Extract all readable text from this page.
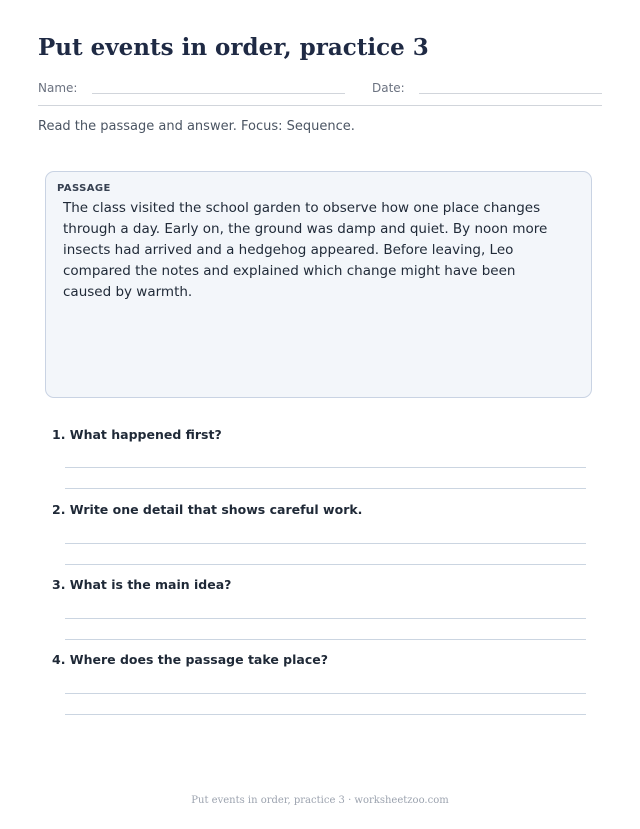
Put events in order, practice 3
Name:	Date:
Read the passage and answer. Focus: Sequence.
PASSAGE

The class visited the school garden to observe how one place changes through a day. Early on, the ground was damp and quiet. By noon more insects had arrived and a hedgehog appeared. Before leaving, Leo compared the notes and explained which change might have been caused by warmth.

1. What happened first?
2. Write one detail that shows careful work.
3. What is the main idea?
4. Where does the passage take place?
Put events in order, practice 3 · worksheetzoo.com
